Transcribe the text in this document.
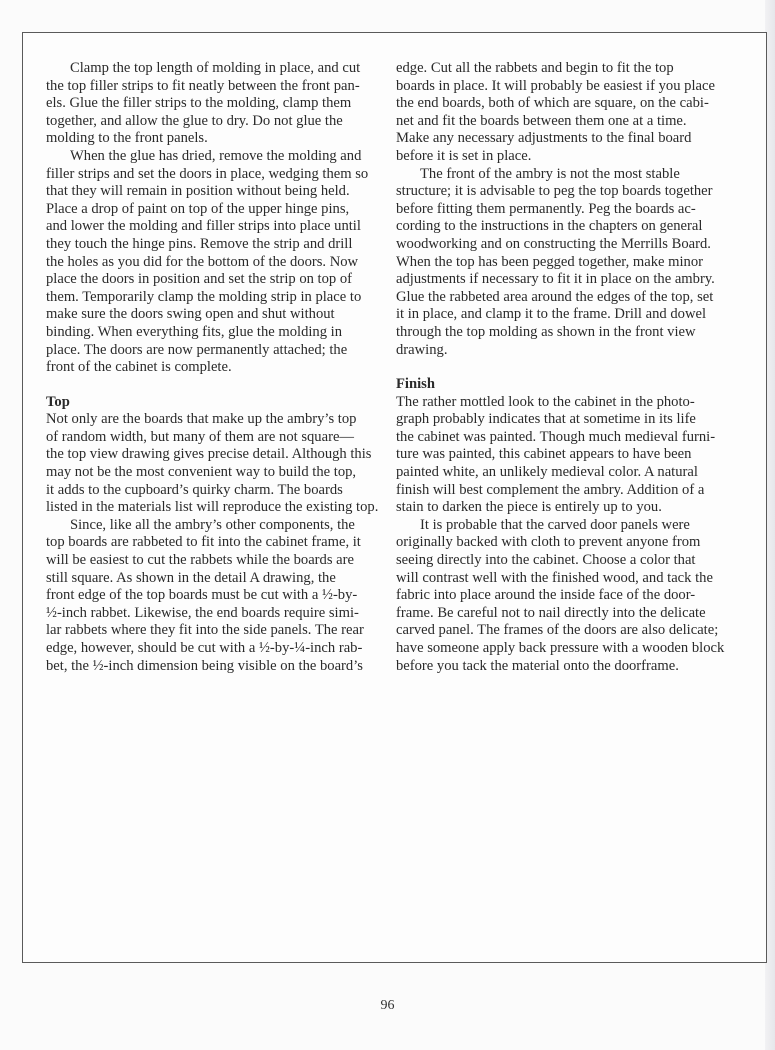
Clamp the top length of molding in place, and cut
the top filler strips to fit neatly between the front pan-
els. Glue the filler strips to the molding, clamp them
together, and allow the glue to dry. Do not glue the
molding to the front panels.
When the glue has dried, remove the molding and
filler strips and set the doors in place, wedging them so
that they will remain in position without being held.
Place a drop of paint on top of the upper hinge pins,
and lower the molding and filler strips into place until
they touch the hinge pins. Remove the strip and drill
the holes as you did for the bottom of the doors. Now
place the doors in position and set the strip on top of
them. Temporarily clamp the molding strip in place to
make sure the doors swing open and shut without
binding. When everything fits, glue the molding in
place. The doors are now permanently attached; the
front of the cabinet is complete.
Top
Not only are the boards that make up the ambry’s top
of random width, but many of them are not square—
the top view drawing gives precise detail. Although this
may not be the most convenient way to build the top,
it adds to the cupboard’s quirky charm. The boards
listed in the materials list will reproduce the existing top.
Since, like all the ambry’s other components, the
top boards are rabbeted to fit into the cabinet frame, it
will be easiest to cut the rabbets while the boards are
still square. As shown in the detail A drawing, the
front edge of the top boards must be cut with a ½-by-
½-inch rabbet. Likewise, the end boards require simi-
lar rabbets where they fit into the side panels. The rear
edge, however, should be cut with a ½-by-¼-inch rab-
bet, the ½-inch dimension being visible on the board’s
edge. Cut all the rabbets and begin to fit the top
boards in place. It will probably be easiest if you place
the end boards, both of which are square, on the cabi-
net and fit the boards between them one at a time.
Make any necessary adjustments to the final board
before it is set in place.
The front of the ambry is not the most stable
structure; it is advisable to peg the top boards together
before fitting them permanently. Peg the boards ac-
cording to the instructions in the chapters on general
woodworking and on constructing the Merrills Board.
When the top has been pegged together, make minor
adjustments if necessary to fit it in place on the ambry.
Glue the rabbeted area around the edges of the top, set
it in place, and clamp it to the frame. Drill and dowel
through the top molding as shown in the front view
drawing.
Finish
The rather mottled look to the cabinet in the photo-
graph probably indicates that at sometime in its life
the cabinet was painted. Though much medieval furni-
ture was painted, this cabinet appears to have been
painted white, an unlikely medieval color. A natural
finish will best complement the ambry. Addition of a
stain to darken the piece is entirely up to you.
It is probable that the carved door panels were
originally backed with cloth to prevent anyone from
seeing directly into the cabinet. Choose a color that
will contrast well with the finished wood, and tack the
fabric into place around the inside face of the door-
frame. Be careful not to nail directly into the delicate
carved panel. The frames of the doors are also delicate;
have someone apply back pressure with a wooden block
before you tack the material onto the doorframe.
96
